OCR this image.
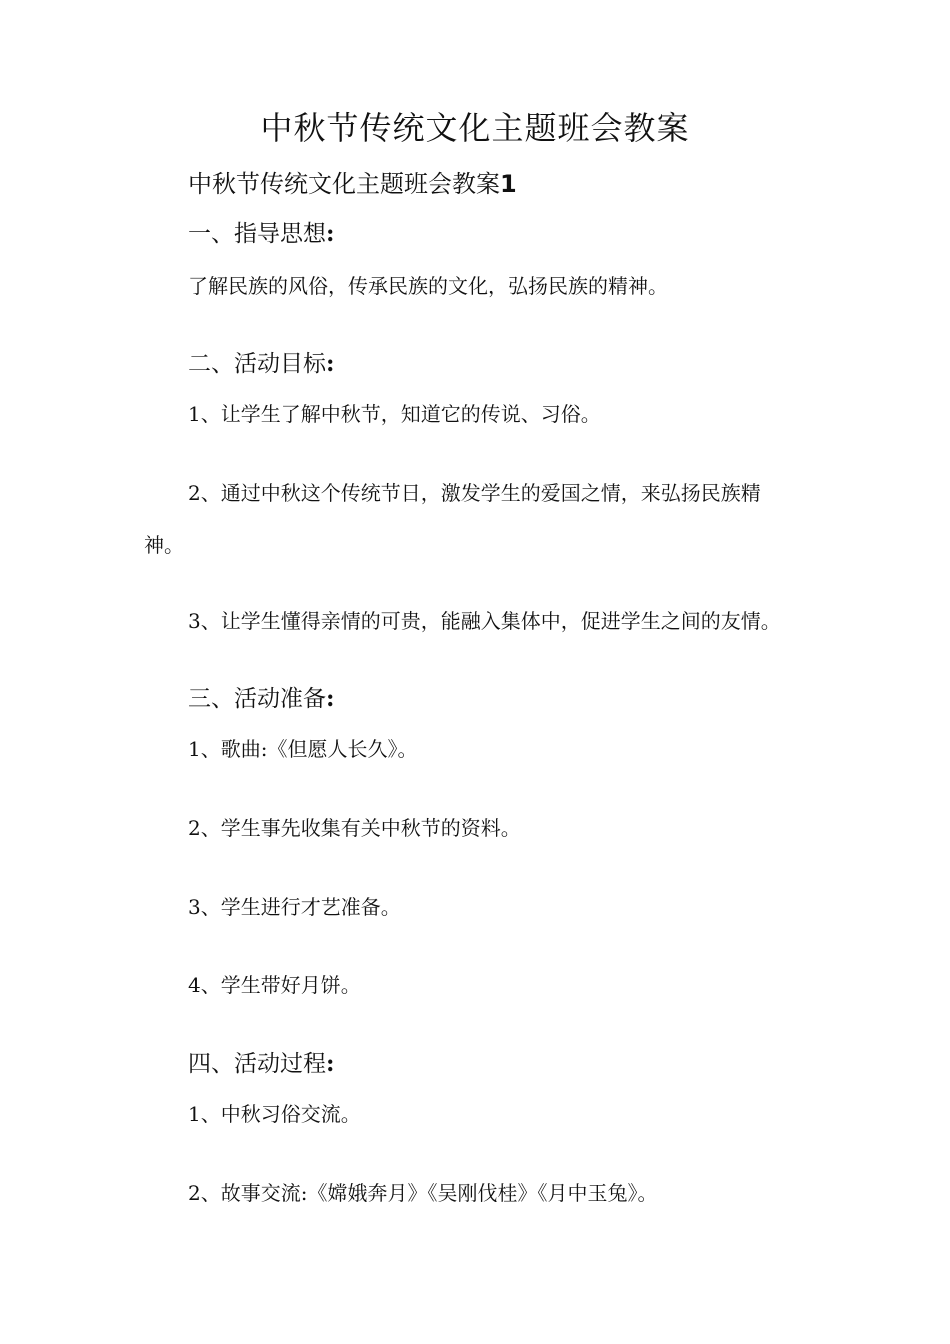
中秋节传统文化主题班会教案
中秋节传统文化主题班会教案1
一、指导思想:
了解民族的风俗，传承民族的文化，弘扬民族的精神。
二、活动目标:
1、让学生了解中秋节，知道它的传说、习俗。
2、通过中秋这个传统节日，激发学生的爱国之情，来弘扬民族精
神。
3、让学生懂得亲情的可贵，能融入集体中，促进学生之间的友情。
三、活动准备:
1、歌曲:《但愿人长久》。
2、学生事先收集有关中秋节的资料。
3、学生进行才艺准备。
4、学生带好月饼。
四、活动过程:
1、中秋习俗交流。
2、故事交流:《嫦娥奔月》《吴刚伐桂》《月中玉兔》。
